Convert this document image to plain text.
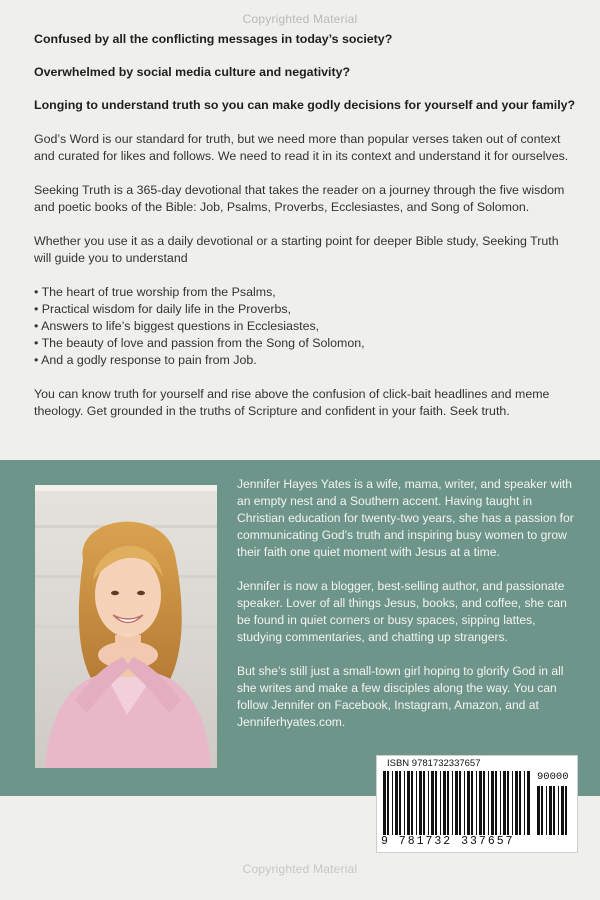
Copyrighted Material
Confused by all the conflicting messages in today’s society?
Overwhelmed by social media culture and negativity?
Longing to understand truth so you can make godly decisions for yourself and your family?
God’s Word is our standard for truth, but we need more than popular verses taken out of context and curated for likes and follows. We need to read it in its context and understand it for ourselves.
Seeking Truth is a 365-day devotional that takes the reader on a journey through the five wisdom and poetic books of the Bible: Job, Psalms, Proverbs, Ecclesiastes, and Song of Solomon.
Whether you use it as a daily devotional or a starting point for deeper Bible study, Seeking Truth will guide you to understand
• The heart of true worship from the Psalms,
• Practical wisdom for daily life in the Proverbs,
• Answers to life’s biggest questions in Ecclesiastes,
• The beauty of love and passion from the Song of Solomon,
• And a godly response to pain from Job.
You can know truth for yourself and rise above the confusion of click-bait headlines and meme theology. Get grounded in the truths of Scripture and confident in your faith. Seek truth.
Jennifer Hayes Yates is a wife, mama, writer, and speaker with an empty nest and a Southern accent. Having taught in Christian education for twenty-two years, she has a passion for communicating God’s truth and inspiring busy women to grow their faith one quiet moment with Jesus at a time.
Jennifer is now a blogger, best-selling author, and passionate speaker. Lover of all things Jesus, books, and coffee, she can be found in quiet corners or busy spaces, sipping lattes, studying commentaries, and chatting up strangers.
But she’s still just a small-town girl hoping to glorify God in all she writes and make a few disciples along the way. You can follow Jennifer on Facebook, Instagram, Amazon, and at Jenniferhyates.com.
ISBN 9781732337657
90000
9 781732 337657
Copyrighted Material
